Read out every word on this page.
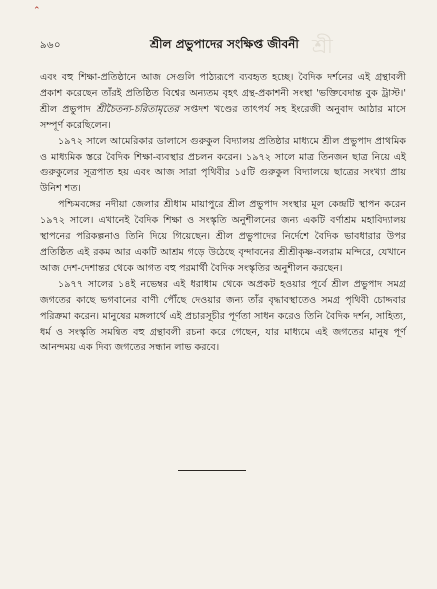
⌃
৯৬০	শ্রীল প্রভুপাদের সংক্ষিপ্ত জীবনী শ্রী

এবং বহু শিক্ষা-প্রতিষ্ঠানে আজ সেগুলি পাঠ্যরূপে ব্যবহৃত হচ্ছে। বৈদিক দর্শনের এই গ্রন্থাবলী প্রকাশ করেছেন তাঁরই প্রতিষ্ঠিত বিশ্বের অন্যতম বৃহৎ গ্রন্থ-প্রকাশনী সংস্থা 'ভক্তিবেদান্ত বুক ট্রাস্ট।' শ্রীল প্রভুপাদ শ্রীচৈতন্য-চরিতামৃতের সপ্তদশ খণ্ডের তাৎপর্য সহ ইংরেজী অনুবাদ আঠার মাসে সম্পূর্ণ করেছিলেন।

১৯৭২ সালে আমেরিকার ডালাসে গুরুকুল বিদ্যালয় প্রতিষ্ঠার মাধ্যমে শ্রীল প্রভুপাদ প্রাথমিক ও মাধ্যমিক স্তরে বৈদিক শিক্ষা-ব্যবস্থার প্রচলন করেন। ১৯৭২ সালে মাত্র তিনজন ছাত্র নিয়ে এই গুরুকুলের সূত্রপাত হয় এবং আজ সারা পৃথিবীর ১৫টি গুরুকুল বিদ্যালয়ে ছাত্রের সংখ্যা প্রায় উনিশ শত।

পশ্চিমবঙ্গের নদীয়া জেলার শ্রীধাম মায়াপুরে শ্রীল প্রভুপাদ সংস্থার মূল কেন্দ্রটি স্থাপন করেন ১৯৭২ সালে। এখানেই বৈদিক শিক্ষা ও সংস্কৃতি অনুশীলনের জন্য একটি বর্ণাশ্রম মহাবিদ্যালয় স্থাপনের পরিকল্পনাও তিনি দিয়ে গিয়েছেন। শ্রীল প্রভুপাদের নির্দেশে বৈদিক ভাবধারার উপর প্রতিষ্ঠিত এই রকম আর একটি আশ্রম গড়ে উঠেছে বৃন্দাবনের শ্রীশ্রীকৃষ্ণ-বলরাম মন্দিরে, যেখানে আজ দেশ-দেশান্তর থেকে আগত বহু পরমার্থী বৈদিক সংস্কৃতির অনুশীলন করছেন।

১৯৭৭ সালের ১৪ই নভেম্বর এই ধরাধাম থেকে অপ্রকট হওয়ার পূর্বে শ্রীল প্রভুপাদ সমগ্র জগতের কাছে ভগবানের বাণী পৌঁছে দেওয়ার জন্য তাঁর বৃদ্ধাবস্থাতেও সমগ্র পৃথিবী চোদ্দবার পরিক্রমা করেন। মানুষের মঙ্গলার্থে এই প্রচারসূচীর পূর্ণতা সাধন করেও তিনি বৈদিক দর্শন, সাহিত্য, ধর্ম ও সংস্কৃতি সমন্বিত বহু গ্রন্থাবলী রচনা করে গেছেন, যার মাধ্যমে এই জগতের মানুষ পূর্ণ আনন্দময় এক দিব্য জগতের সন্ধান লাভ করবে।
